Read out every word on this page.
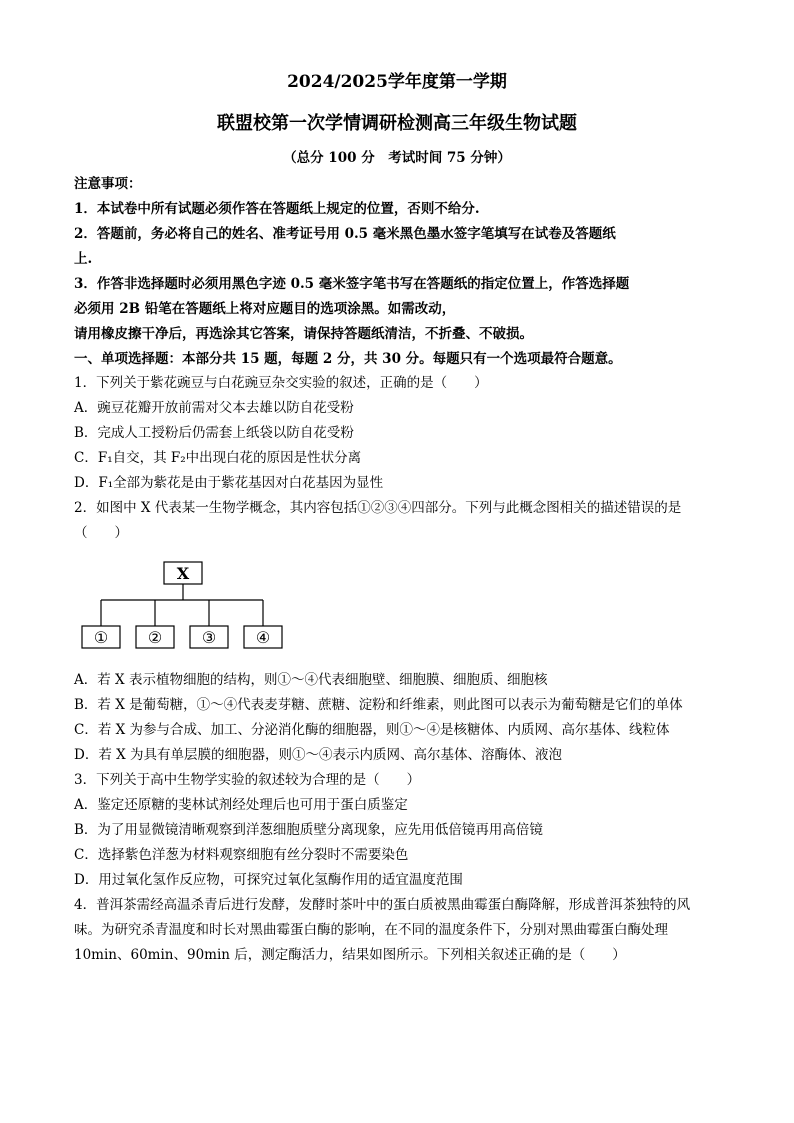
2024/2025学年度第一学期
联盟校第一次学情调研检测高三年级生物试题
（总分 100 分　考试时间 75 分钟）
注意事项：
1．本试卷中所有试题必须作答在答题纸上规定的位置，否则不给分.
2．答题前，务必将自己的姓名、准考证号用 0.5 毫米黑色墨水签字笔填写在试卷及答题纸
上.
3．作答非选择题时必须用黑色字迹 0.5 毫米签字笔书写在答题纸的指定位置上，作答选择题
必须用 2B 铅笔在答题纸上将对应题目的选项涂黑。如需改动，
请用橡皮擦干净后，再选涂其它答案，请保持答题纸清洁，不折叠、不破损。
一、单项选择题：本部分共 15 题，每题 2 分，共 30 分。每题只有一个选项最符合题意。
1．下列关于紫花豌豆与白花豌豆杂交实验的叙述，正确的是（　　）
A．豌豆花瓣开放前需对父本去雄以防自花受粉
B．完成人工授粉后仍需套上纸袋以防自花受粉
C．F₁自交，其 F₂中出现白花的原因是性状分离
D．F₁全部为紫花是由于紫花基因对白花基因为显性
2．如图中 X 代表某一生物学概念，其内容包括①②③④四部分。下列与此概念图相关的描述错误的是
（　　）
X
① ② ③ ④
A．若 X 表示植物细胞的结构，则①～④代表细胞壁、细胞膜、细胞质、细胞核
B．若 X 是葡萄糖，①～④代表麦芽糖、蔗糖、淀粉和纤维素，则此图可以表示为葡萄糖是它们的单体
C．若 X 为参与合成、加工、分泌消化酶的细胞器，则①～④是核糖体、内质网、高尔基体、线粒体
D．若 X 为具有单层膜的细胞器，则①～④表示内质网、高尔基体、溶酶体、液泡
3．下列关于高中生物学实验的叙述较为合理的是（　　）
A．鉴定还原糖的斐林试剂经处理后也可用于蛋白质鉴定
B．为了用显微镜清晰观察到洋葱细胞质壁分离现象，应先用低倍镜再用高倍镜
C．选择紫色洋葱为材料观察细胞有丝分裂时不需要染色
D．用过氧化氢作反应物，可探究过氧化氢酶作用的适宜温度范围
4．普洱茶需经高温杀青后进行发酵，发酵时茶叶中的蛋白质被黑曲霉蛋白酶降解，形成普洱茶独特的风
味。为研究杀青温度和时长对黑曲霉蛋白酶的影响，在不同的温度条件下，分别对黑曲霉蛋白酶处理
10min、60min、90min 后，测定酶活力，结果如图所示。下列相关叙述正确的是（　　）
